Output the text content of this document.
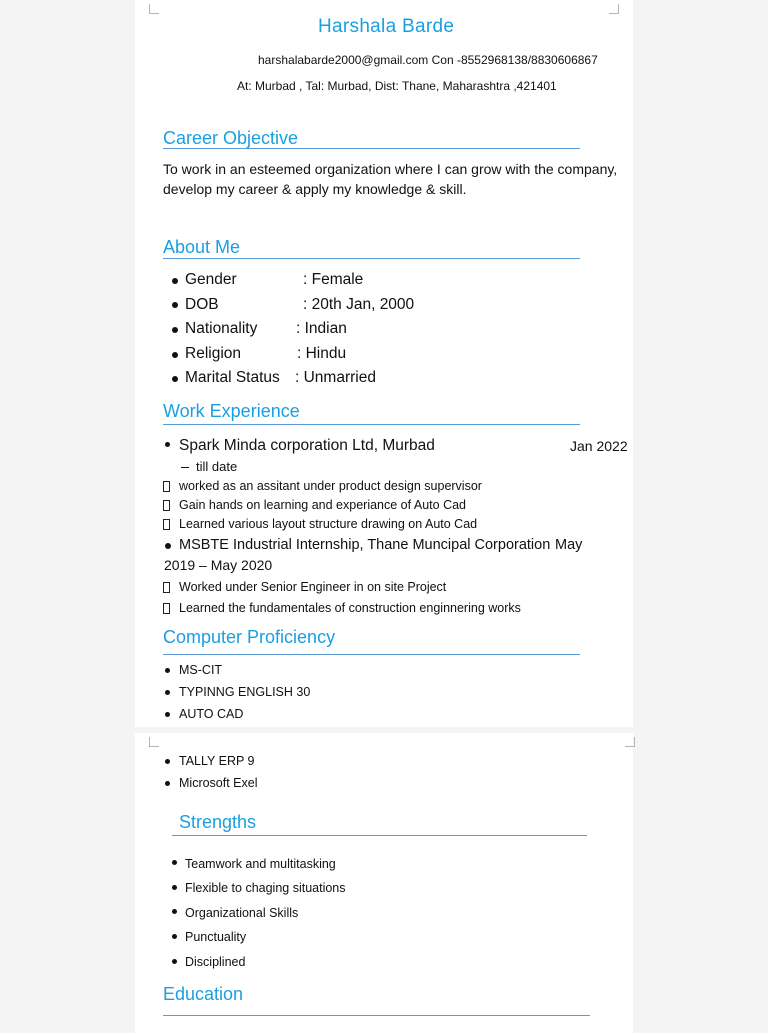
Harshala Barde
harshalabarde2000@gmail.com Con -8552968138/8830606867
At: Murbad , Tal: Murbad, Dist: Thane, Maharashtra ,421401
Career Objective
To work in an esteemed organization where I can grow with the company,
develop my career & apply my knowledge & skill.
About Me
Gender	: Female
DOB	: 20th Jan, 2000
Nationality : Indian
Religion	: Hindu
Marital Status : Unmarried
Work Experience
Spark Minda corporation Ltd, Murbad	Jan 2022
till date
worked as an assitant under product design supervisor
Gain hands on learning and experiance of Auto Cad
Learned various layout structure drawing on Auto Cad
MSBTE Industrial Internship, Thane Muncipal Corporation May
2019 – May 2020
Worked under Senior Engineer in on site Project
Learned the fundamentales of construction enginnering works
Computer Proficiency
MS-CIT
TYPINNG ENGLISH 30
AUTO CAD
TALLY ERP 9
Microsoft Exel
Strengths
Teamwork and multitasking
Flexible to chaging situations
Organizational Skills
Punctuality
Disciplined
Education
